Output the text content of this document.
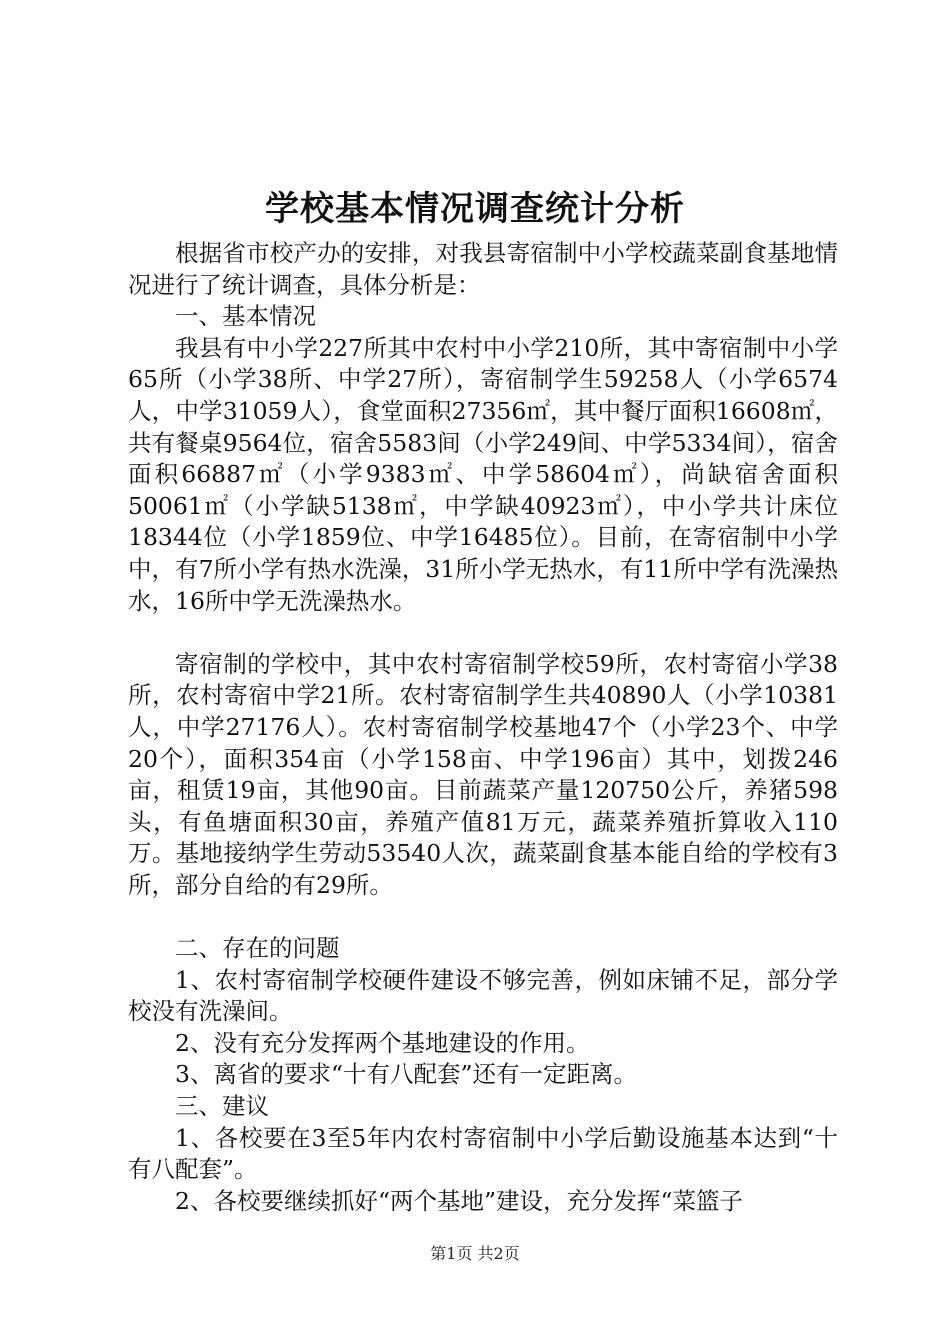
学校基本情况调查统计分析

根据省市校产办的安排，对我县寄宿制中小学校蔬菜副食基地情况进行了统计调查，具体分析是：

一、基本情况

我县有中小学227所其中农村中小学210所，其中寄宿制中小学65所（小学38所、中学27所），寄宿制学生59258人（小学6574人，中学31059人），食堂面积27356㎡，其中餐厅面积16608㎡，共有餐桌9564位，宿舍5583间（小学249间、中学5334间），宿舍面积66887㎡（小学9383㎡、中学58604㎡），尚缺宿舍面积50061㎡（小学缺5138㎡，中学缺40923㎡），中小学共计床位18344位（小学1859位、中学16485位）。目前，在寄宿制中小学中，有7所小学有热水洗澡，31所小学无热水，有11所中学有洗澡热水，16所中学无洗澡热水。

寄宿制的学校中，其中农村寄宿制学校59所，农村寄宿小学38所，农村寄宿中学21所。农村寄宿制学生共40890人（小学10381人，中学27176人）。农村寄宿制学校基地47个（小学23个、中学20个），面积354亩（小学158亩、中学196亩）其中，划拨246亩，租赁19亩，其他90亩。目前蔬菜产量120750公斤，养猪598头，有鱼塘面积30亩，养殖产值81万元，蔬菜养殖折算收入110万。基地接纳学生劳动53540人次，蔬菜副食基本能自给的学校有3所，部分自给的有29所。

二、存在的问题

1、农村寄宿制学校硬件建设不够完善，例如床铺不足，部分学校没有洗澡间。

2、没有充分发挥两个基地建设的作用。

3、离省的要求“十有八配套”还有一定距离。

三、建议

1、各校要在3至5年内农村寄宿制中小学后勤设施基本达到“十有八配套”。

2、各校要继续抓好“两个基地”建设，充分发挥“菜篮子

第1页 共2页
